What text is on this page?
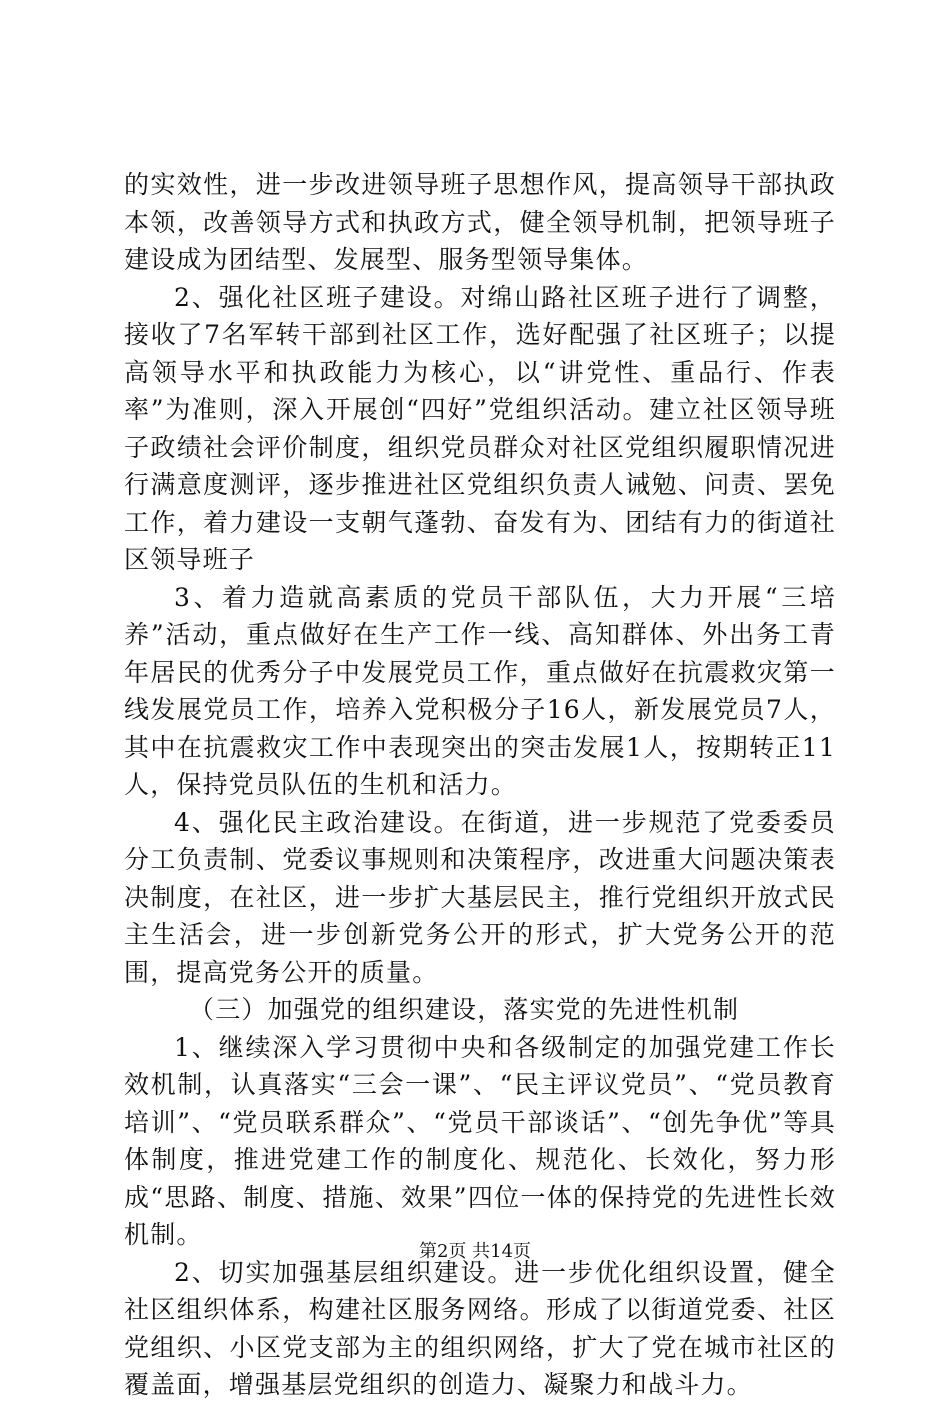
的实效性，进一步改进领导班子思想作风，提高领导干部执政本领，改善领导方式和执政方式，健全领导机制，把领导班子建设成为团结型、发展型、服务型领导集体。

2、强化社区班子建设。对绵山路社区班子进行了调整，接收了7名军转干部到社区工作，选好配强了社区班子；以提高领导水平和执政能力为核心，以“讲党性、重品行、作表率”为准则，深入开展创“四好”党组织活动。建立社区领导班子政绩社会评价制度，组织党员群众对社区党组织履职情况进行满意度测评，逐步推进社区党组织负责人诫勉、问责、罢免工作，着力建设一支朝气蓬勃、奋发有为、团结有力的街道社区领导班子

3、着力造就高素质的党员干部队伍，大力开展“三培养”活动，重点做好在生产工作一线、高知群体、外出务工青年居民的优秀分子中发展党员工作，重点做好在抗震救灾第一线发展党员工作，培养入党积极分子16人，新发展党员7人，其中在抗震救灾工作中表现突出的突击发展1人，按期转正11人，保持党员队伍的生机和活力。

4、强化民主政治建设。在街道，进一步规范了党委委员分工负责制、党委议事规则和决策程序，改进重大问题决策表决制度，在社区，进一步扩大基层民主，推行党组织开放式民主生活会，进一步创新党务公开的形式，扩大党务公开的范围，提高党务公开的质量。

（三）加强党的组织建设，落实党的先进性机制

1、继续深入学习贯彻中央和各级制定的加强党建工作长效机制，认真落实“三会一课”、“民主评议党员”、“党员教育培训”、“党员联系群众”、“党员干部谈话”、“创先争优”等具体制度，推进党建工作的制度化、规范化、长效化，努力形成“思路、制度、措施、效果”四位一体的保持党的先进性长效机制。

2、切实加强基层组织建设。进一步优化组织设置，健全社区组织体系，构建社区服务网络。形成了以街道党委、社区党组织、小区党支部为主的组织网络，扩大了党在城市社区的覆盖面，增强基层党组织的创造力、凝聚力和战斗力。

第2页 共14页
